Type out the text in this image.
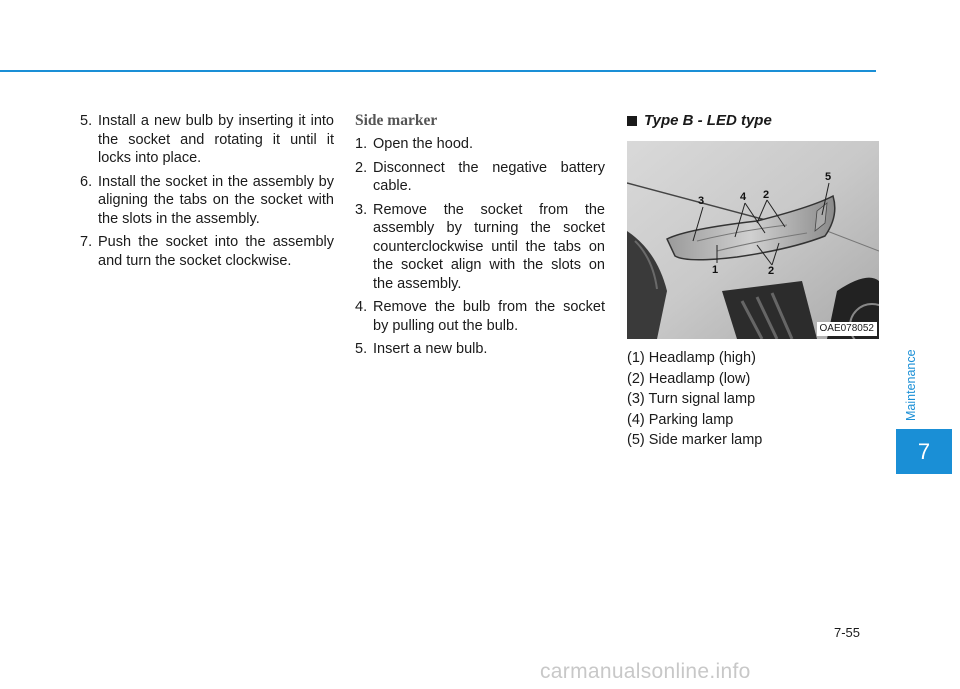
5. Install a new bulb by inserting it into the socket and rotating it until it locks into place.
6. Install the socket in the assembly by aligning the tabs on the socket with the slots in the assembly.
7. Push the socket into the assembly and turn the socket clockwise.
Side marker
1. Open the hood.
2. Disconnect the negative battery cable.
3. Remove the socket from the assembly by turning the socket counterclockwise until the tabs on the socket align with the slots on the assembly.
4. Remove the bulb from the socket by pulling out the bulb.
5. Insert a new bulb.
Type B - LED type
3	4 2
5
1	2
OAE078052
(1) Headlamp (high)
(2) Headlamp (low)
(3) Turn signal lamp
(4) Parking lamp
(5) Side marker lamp
Maintenance
7
7-55
carmanualsonline.info
